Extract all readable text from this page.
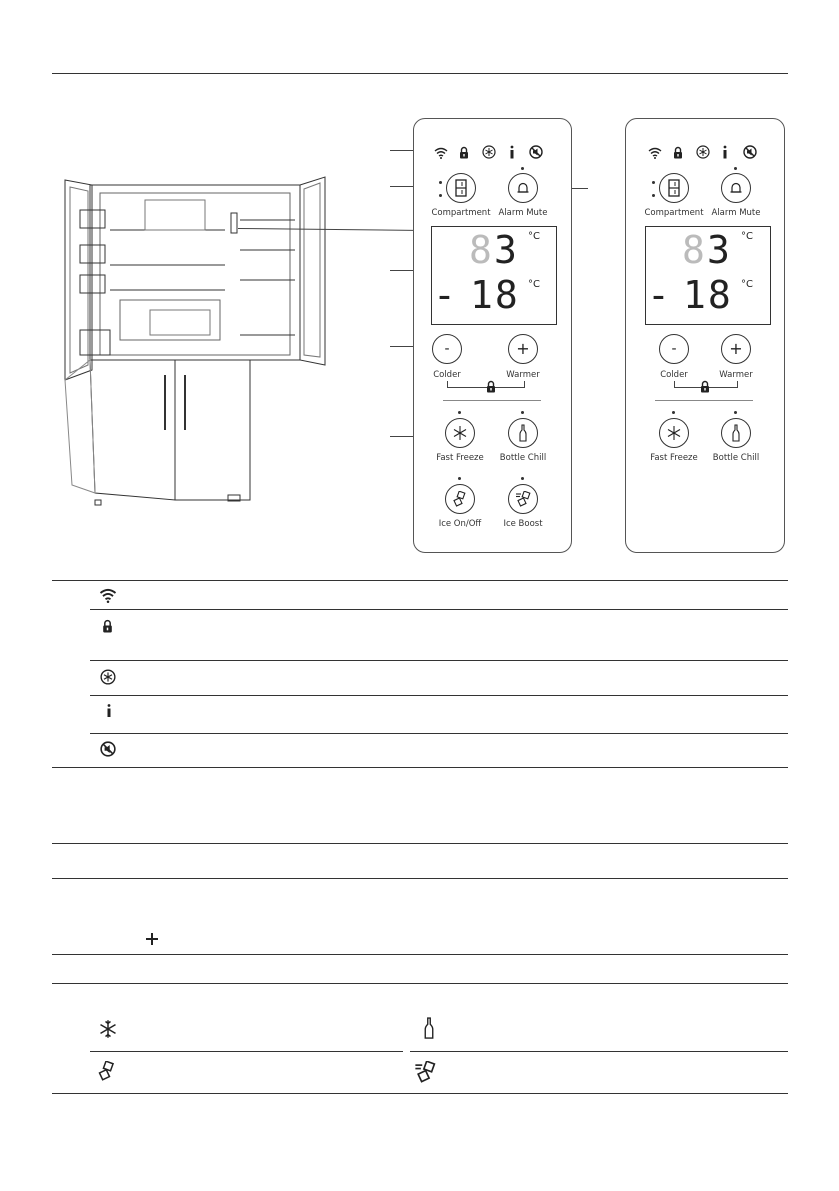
Compartment Alarm Mute
8 3 °C
- 18 °C
-
Colder
+
Warmer
Fast Freeze	Bottle Chill
Ice On/Off	Ice Boost
Compartment Alarm Mute
8 3 °C
- 18 °C
-
Colder
+
Warmer
Fast Freeze	Bottle Chill
